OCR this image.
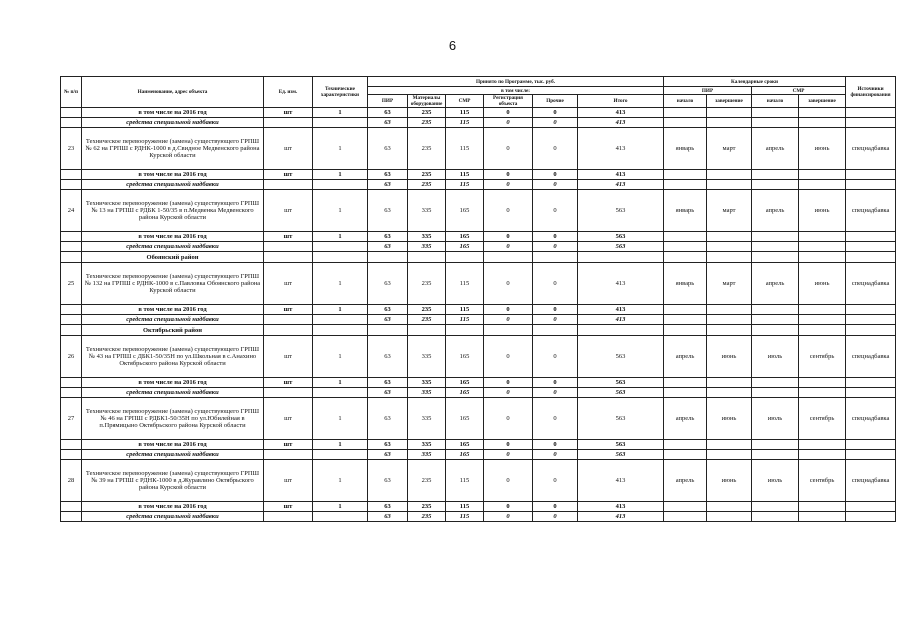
6
№ п/п	Наименование, адрес объекта	Ед. изм.	Технические характеристики	Принято по Программе, тыс. руб.						Календарные сроки				Источники финансирования
				в том числе:						ПИР		СМР		
				ПИР	Материалы оборудование	СМР	Регистрация объекта	Прочие	Итого	начало	завершение	начало	завершение	
	в том числе на 2016 год	шт	1	63	235	115	0	0	413					
	средства специальной надбавки			63	235	115	0	0	413					
23	Техническое перевооружение (замена) существующего ГРПШ № 62 на ГРПШ с РДНК-1000 в д.Свидное Медвенского района Курской области	шт	1	63	235	115	0	0	413	январь	март	апрель	июнь	спецнадбавка
	в том числе на 2016 год	шт	1	63	235	115	0	0	413					
	средства специальной надбавки			63	235	115	0	0	413					
24	Техническое перевооружение (замена) существующего ГРПШ № 13 на ГРПШ с РДБК 1-50/35 в п.Медвенка Медвенского района Курской области	шт	1	63	335	165	0	0	563	январь	март	апрель	июнь	спецнадбавка
	в том числе на 2016 год	шт	1	63	335	165	0	0	563					
	средства специальной надбавки			63	335	165	0	0	563					
	Обоянский район													
25	Техническое перевооружение (замена) существующего ГРПШ № 132 на ГРПШ с РДНК-1000 в с.Павловка Обоянского района Курской области	шт	1	63	235	115	0	0	413	январь	март	апрель	июнь	спецнадбавка
	в том числе на 2016 год	шт	1	63	235	115	0	0	413					
	средства специальной надбавки			63	235	115	0	0	413					
	Октябрьский район													
26	Техническое перевооружение (замена) существующего ГРПШ № 43 на ГРПШ с ДБК1-50/35Н по ул.Школьная в с.Анахино Октябрьского района Курской области	шт	1	63	335	165	0	0	563	апрель	июнь	июль	сентябрь	спецнадбавка
	в том числе на 2016 год	шт	1	63	335	165	0	0	563					
	средства специальной надбавки			63	335	165	0	0	563					
27	Техническое перевооружение (замена) существующего ГРПШ № 46 на ГРПШ с РДБК1-50/35Н по ул.Юбилейная в п.Прямицыно Октябрьского района Курской области	шт	1	63	335	165	0	0	563	апрель	июнь	июль	сентябрь	спецнадбавка
	в том числе на 2016 год	шт	1	63	335	165	0	0	563					
	средства специальной надбавки			63	335	165	0	0	563					
28	Техническое перевооружение (замена) существующего ГРПШ № 39 на ГРПШ с РДНК-1000 в д.Журавлино Октябрьского района Курской области	шт	1	63	235	115	0	0	413	апрель	июнь	июль	сентябрь	спецнадбавка
	в том числе на 2016 год	шт	1	63	235	115	0	0	413					
	средства специальной надбавки			63	235	115	0	0	413					
